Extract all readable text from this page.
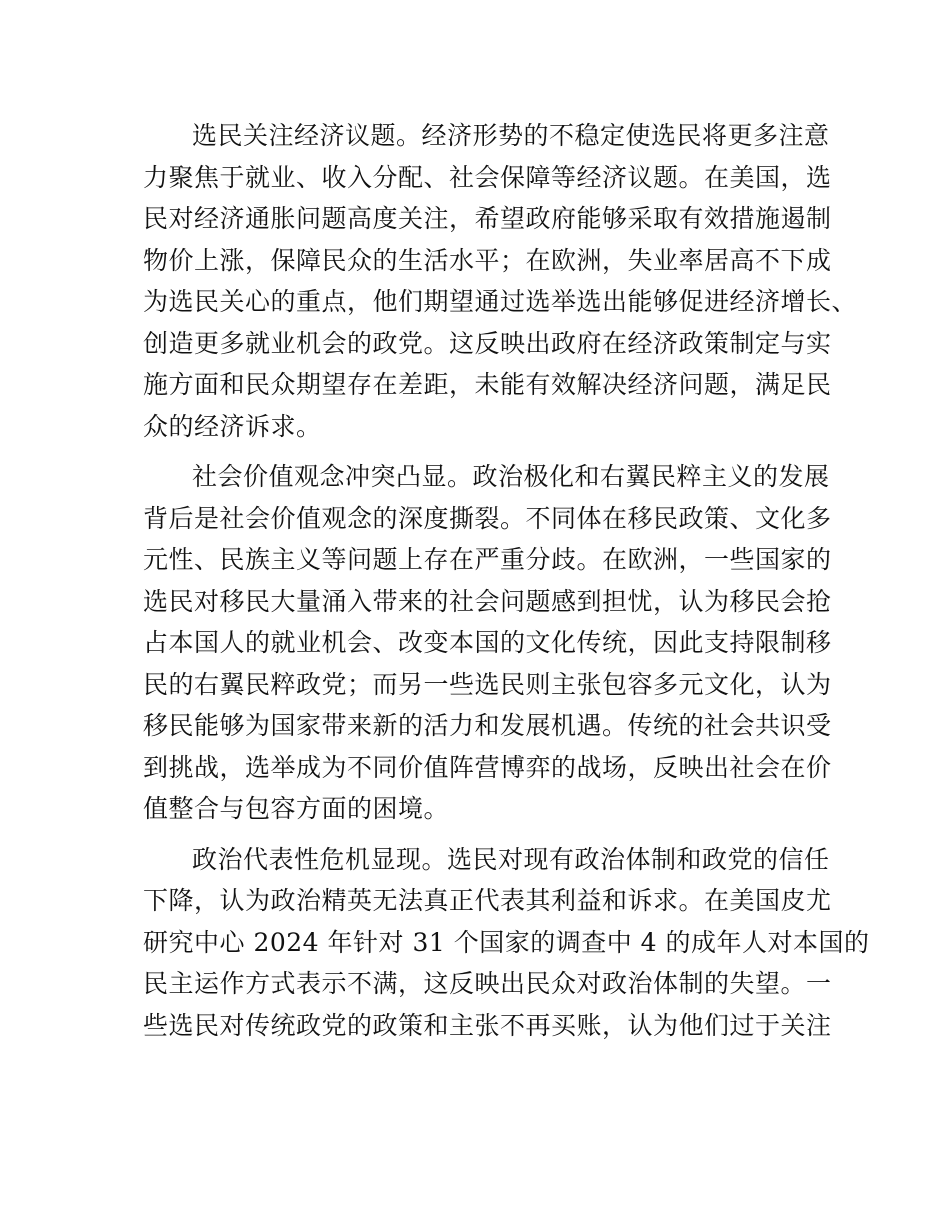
选民关注经济议题。经济形势的不稳定使选民将更多注意
力聚焦于就业、收入分配、社会保障等经济议题。在美国，选
民对经济通胀问题高度关注，希望政府能够采取有效措施遏制
物价上涨，保障民众的生活水平；在欧洲，失业率居高不下成
为选民关心的重点，他们期望通过选举选出能够促进经济增长、
创造更多就业机会的政党。这反映出政府在经济政策制定与实
施方面和民众期望存在差距，未能有效解决经济问题，满足民
众的经济诉求。
社会价值观念冲突凸显。政治极化和右翼民粹主义的发展
背后是社会价值观念的深度撕裂。不同体在移民政策、文化多
元性、民族主义等问题上存在严重分歧。在欧洲，一些国家的
选民对移民大量涌入带来的社会问题感到担忧，认为移民会抢
占本国人的就业机会、改变本国的文化传统，因此支持限制移
民的右翼民粹政党；而另一些选民则主张包容多元文化，认为
移民能够为国家带来新的活力和发展机遇。传统的社会共识受
到挑战，选举成为不同价值阵营博弈的战场，反映出社会在价
值整合与包容方面的困境。
政治代表性危机显现。选民对现有政治体制和政党的信任
下降，认为政治精英无法真正代表其利益和诉求。在美国皮尤
研究中心 2024 年针对 31 个国家的调查中 4 的成年人对本国的
民主运作方式表示不满，这反映出民众对政治体制的失望。一
些选民对传统政党的政策和主张不再买账，认为他们过于关注
